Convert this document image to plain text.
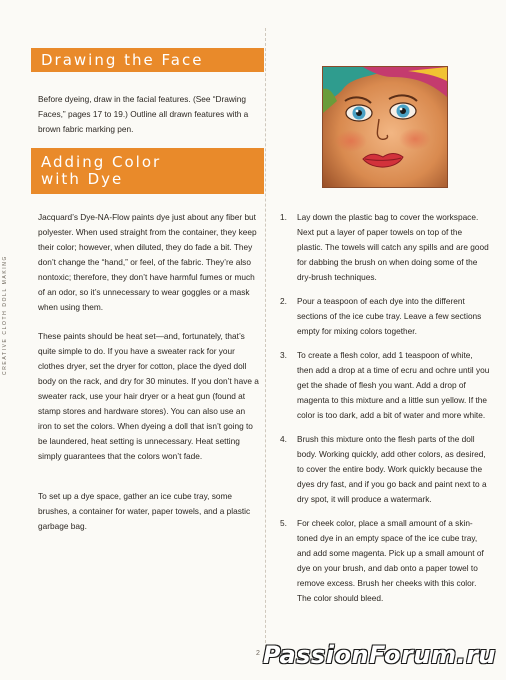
CREATIVE CLOTH DOLL MAKING
Drawing the Face

Before dyeing, draw in the facial features. (See “Drawing Faces,” pages 17 to 19.) Outline all drawn features with a brown fabric marking pen.

Adding Color
with Dye

Jacquard’s Dye-NA-Flow paints dye just about any fiber but polyester. When used straight from the container, they keep their color; however, when diluted, they do fade a bit. They don’t change the “hand,” or feel, of the fabric. They’re also nontoxic; therefore, they don’t have harmful fumes or much of an odor, so it’s unnecessary to wear goggles or a mask when using them.

These paints should be heat set—and, fortunately, that’s quite simple to do. If you have a sweater rack for your clothes dryer, set the dryer for cotton, place the dyed doll body on the rack, and dry for 30 minutes. If you don’t have a sweater rack, use your hair dryer or a heat gun (found at stamp stores and hardware stores). You can also use an iron to set the colors. When dyeing a doll that isn’t going to be laundered, heat setting is unnecessary. Heat setting simply guarantees that the colors won’t fade.

To set up a dye space, gather an ice cube tray, some brushes, a container for water, paper towels, and a plastic garbage bag.

1. Lay down the plastic bag to cover the workspace. Next put a layer of paper towels on top of the plastic. The towels will catch any spills and are good for dabbing the brush on when doing some of the dry-brush techniques.
2. Pour a teaspoon of each dye into the different sections of the ice cube tray. Leave a few sections empty for mixing colors together.
3. To create a flesh color, add 1 teaspoon of white, then add a drop at a time of ecru and ochre until you get the shade of flesh you want. Add a drop of magenta to this mixture and a little sun yellow. If the color is too dark, add a bit of water and more white.
4. Brush this mixture onto the flesh parts of the doll body. Working quickly, add other colors, as desired, to cover the entire body. Work quickly because the dyes dry fast, and if you go back and paint next to a dry spot, it will produce a watermark.
5. For cheek color, place a small amount of a skin-toned dye in an empty space of the ice cube tray, and add some magenta. Pick up a small amount of dye on your brush, and dab onto a paper towel to remove excess. Brush her cheeks with this color. The color should bleed.
2 PassionForum.ru
